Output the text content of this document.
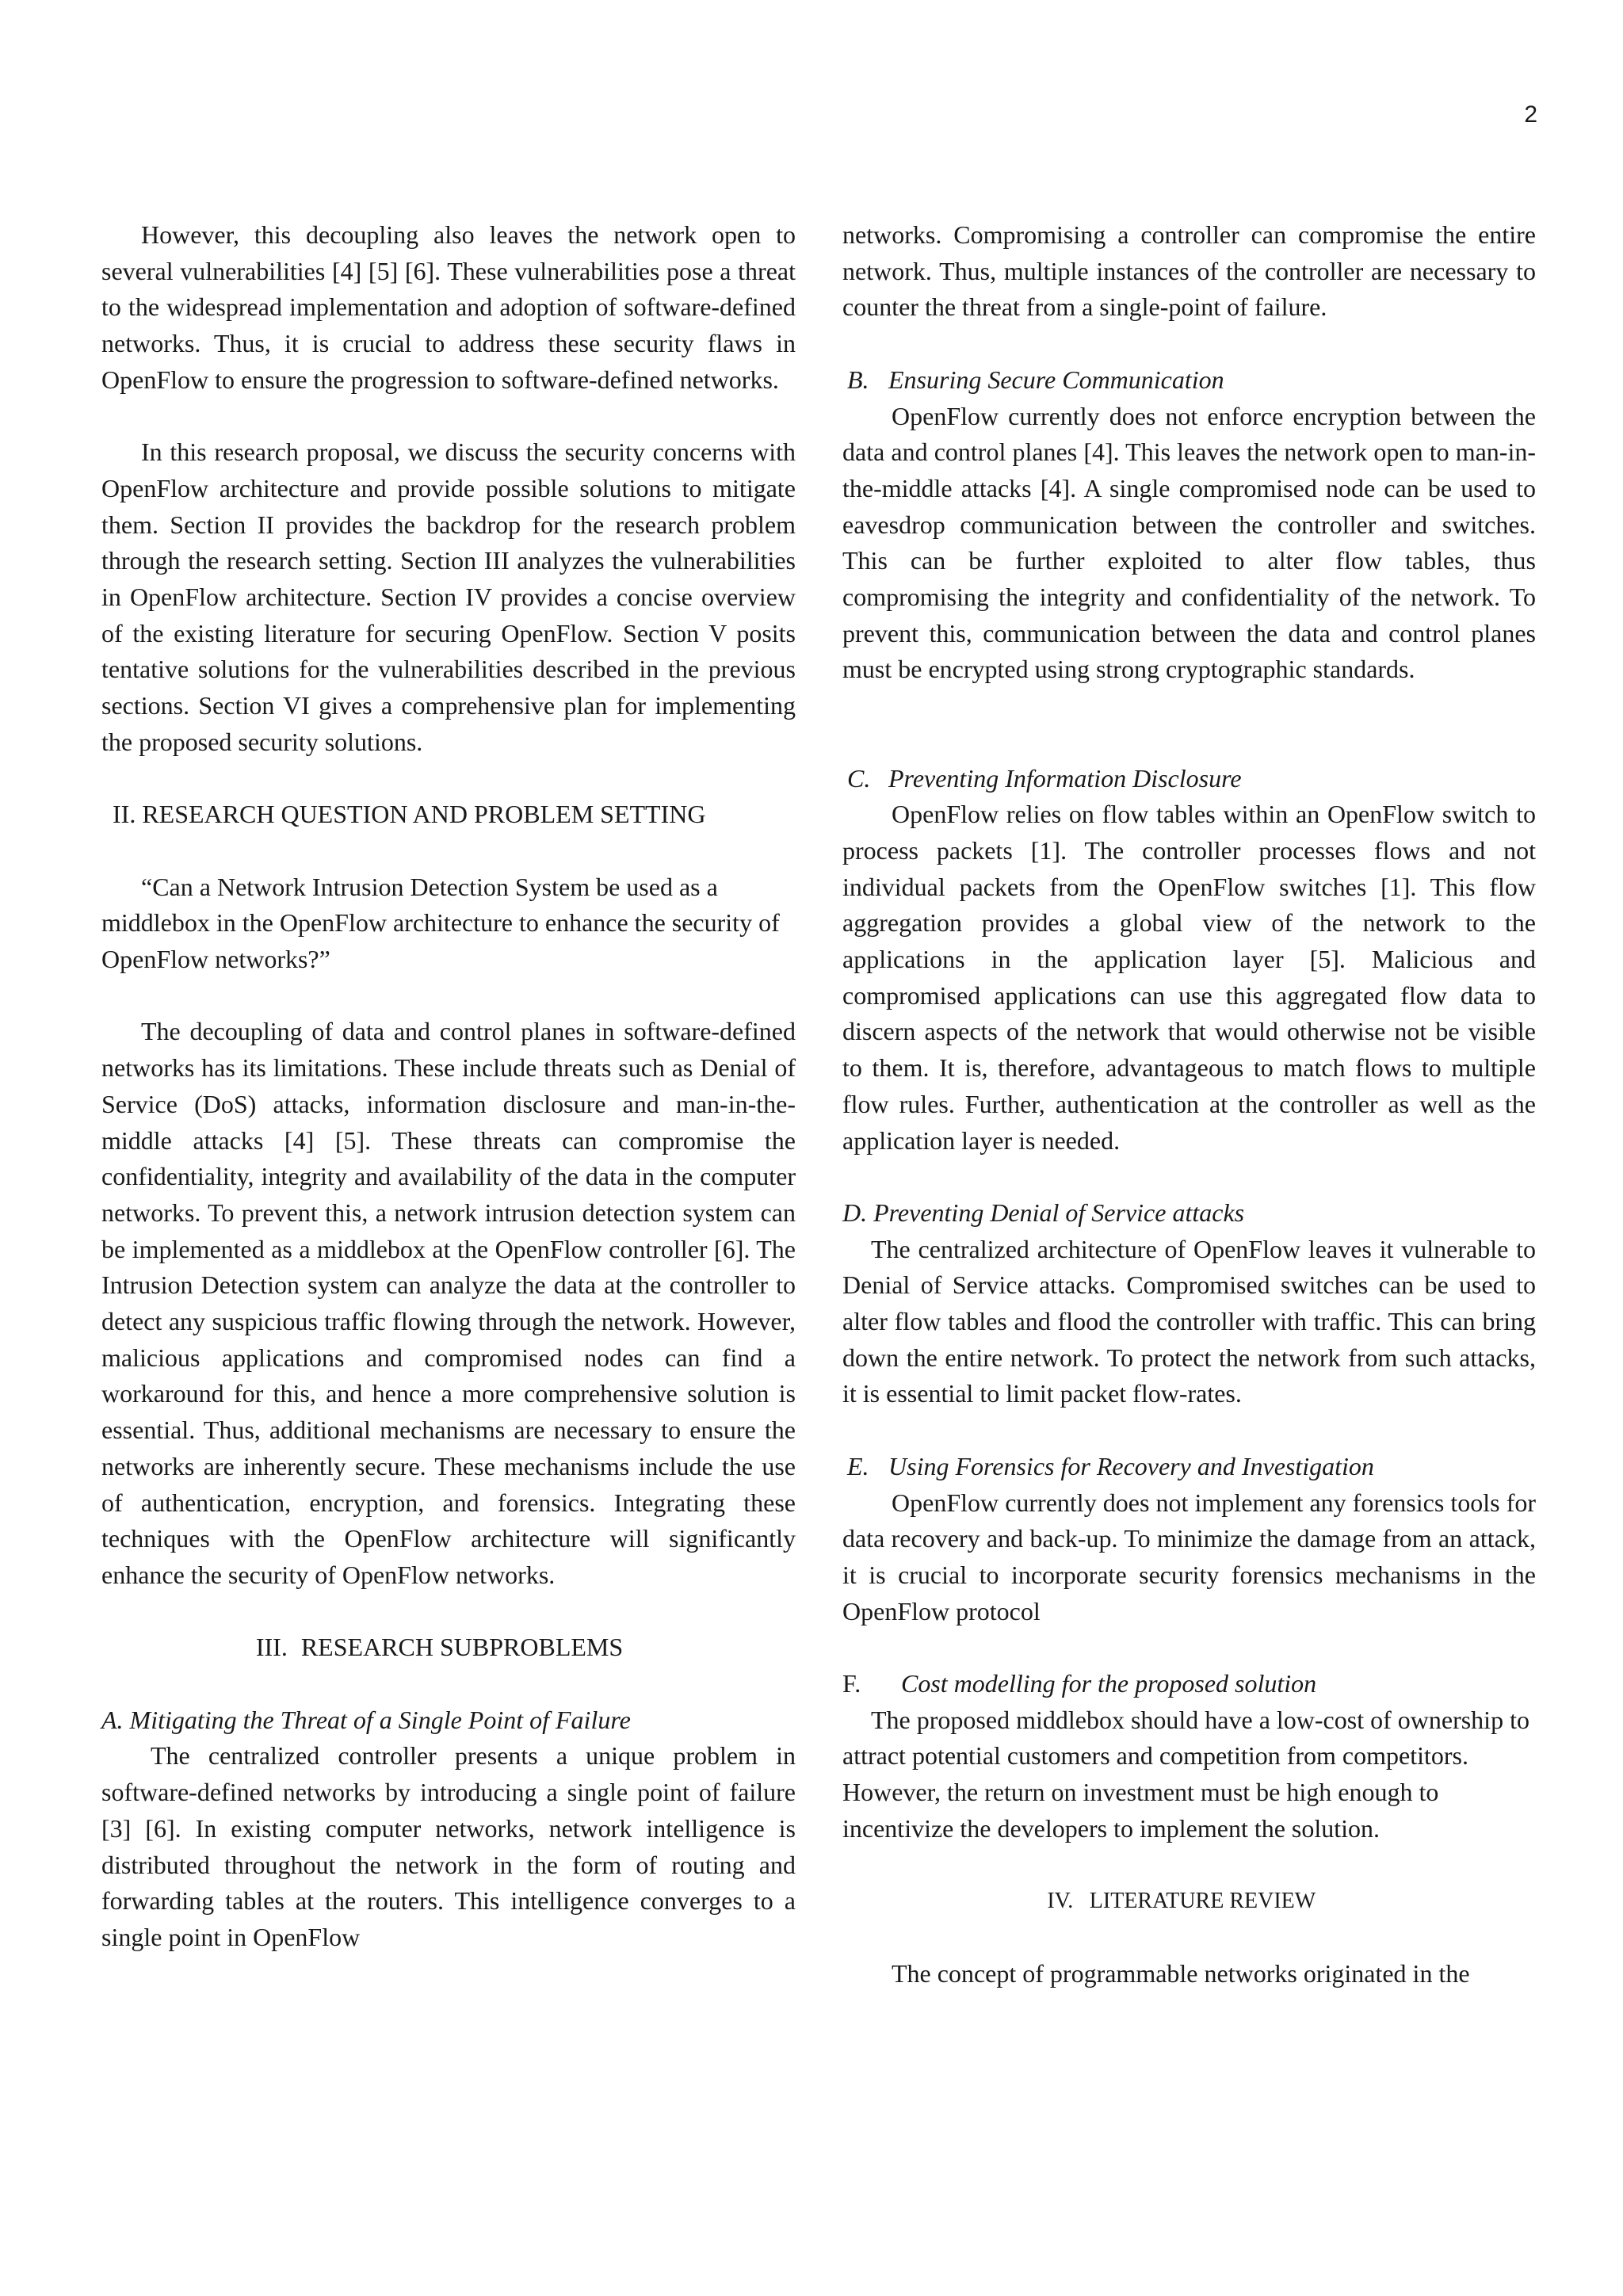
2

However, this decoupling also leaves the network open to several vulnerabilities [4] [5] [6]. These vulnerabilities pose a threat to the widespread implementation and adoption of software-defined networks. Thus, it is crucial to address these security flaws in OpenFlow to ensure the progression to software-defined networks.

In this research proposal, we discuss the security concerns with OpenFlow architecture and provide possible solutions to mitigate them. Section II provides the backdrop for the research problem through the research setting. Section III analyzes the vulnerabilities in OpenFlow architecture. Section IV provides a concise overview of the existing literature for securing OpenFlow. Section V posits tentative solutions for the vulnerabilities described in the previous sections. Section VI gives a comprehensive plan for implementing the proposed security solutions.

II. RESEARCH QUESTION AND PROBLEM SETTING

“Can a Network Intrusion Detection System be used as a middlebox in the OpenFlow architecture to enhance the security of OpenFlow networks?”

The decoupling of data and control planes in software-defined networks has its limitations. These include threats such as Denial of Service (DoS) attacks, information disclosure and man-in-the-middle attacks [4] [5]. These threats can compromise the confidentiality, integrity and availability of the data in the computer networks. To prevent this, a network intrusion detection system can be implemented as a middlebox at the OpenFlow controller [6]. The Intrusion Detection system can analyze the data at the controller to detect any suspicious traffic flowing through the network. However, malicious applications and compromised nodes can find a workaround for this, and hence a more comprehensive solution is essential. Thus, additional mechanisms are necessary to ensure the networks are inherently secure. These mechanisms include the use of authentication, encryption, and forensics. Integrating these techniques with the OpenFlow architecture will significantly enhance the security of OpenFlow networks.

III. RESEARCH SUBPROBLEMS

A. Mitigating the Threat of a Single Point of Failure

The centralized controller presents a unique problem in software-defined networks by introducing a single point of failure [3] [6]. In existing computer networks, network intelligence is distributed throughout the network in the form of routing and forwarding tables at the routers. This intelligence converges to a single point in OpenFlow

networks. Compromising a controller can compromise the entire network. Thus, multiple instances of the controller are necessary to counter the threat from a single-point of failure.

B. Ensuring Secure Communication

OpenFlow currently does not enforce encryption between the data and control planes [4]. This leaves the network open to man-in-the-middle attacks [4]. A single compromised node can be used to eavesdrop communication between the controller and switches. This can be further exploited to alter flow tables, thus compromising the integrity and confidentiality of the network. To prevent this, communication between the data and control planes must be encrypted using strong cryptographic standards.

C. Preventing Information Disclosure

OpenFlow relies on flow tables within an OpenFlow switch to process packets [1]. The controller processes flows and not individual packets from the OpenFlow switches [1]. This flow aggregation provides a global view of the network to the applications in the application layer [5]. Malicious and compromised applications can use this aggregated flow data to discern aspects of the network that would otherwise not be visible to them. It is, therefore, advantageous to match flows to multiple flow rules. Further, authentication at the controller as well as the application layer is needed.

D. Preventing Denial of Service attacks

The centralized architecture of OpenFlow leaves it vulnerable to Denial of Service attacks. Compromised switches can be used to alter flow tables and flood the controller with traffic. This can bring down the entire network. To protect the network from such attacks, it is essential to limit packet flow-rates.

E. Using Forensics for Recovery and Investigation

OpenFlow currently does not implement any forensics tools for data recovery and back-up. To minimize the damage from an attack, it is crucial to incorporate security forensics mechanisms in the OpenFlow protocol

F. Cost modelling for the proposed solution

The proposed middlebox should have a low-cost of ownership to attract potential customers and competition from competitors. However, the return on investment must be high enough to incentivize the developers to implement the solution.

IV. LITERATURE REVIEW

The concept of programmable networks originated in the
